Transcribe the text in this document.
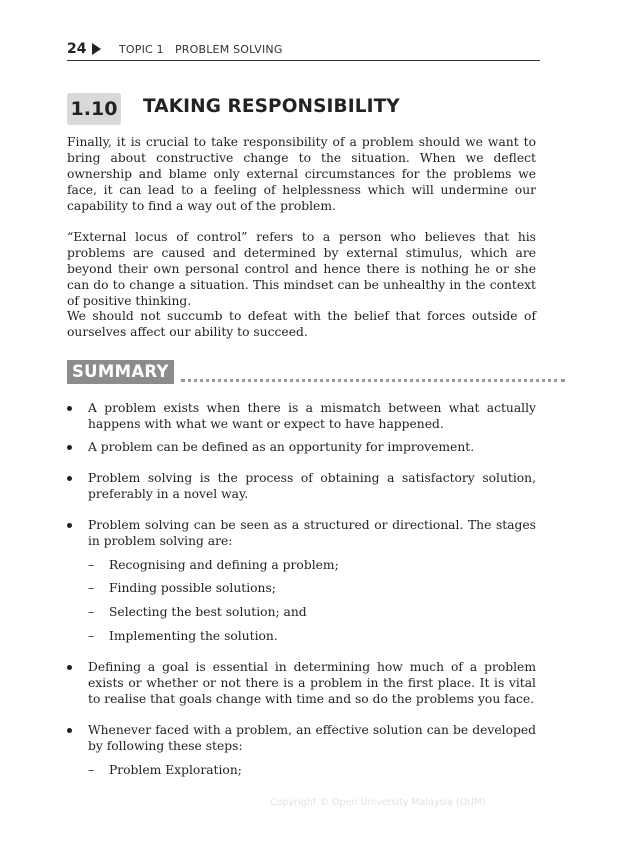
24	TOPIC 1 PROBLEM SOLVING
1.10 TAKING RESPONSIBILITY

Finally, it is crucial to take responsibility of a problem should we want to bring about constructive change to the situation. When we deflect ownership and blame only external circumstances for the problems we face, it can lead to a feeling of helplessness which will undermine our capability to find a way out of the problem.

“External locus of control” refers to a person who believes that his problems are caused and determined by external stimulus, which are beyond their own personal control and hence there is nothing he or she can do to change a situation. This mindset can be unhealthy in the context of positive thinking.

We should not succumb to defeat with the belief that forces outside of ourselves affect our ability to succeed.

SUMMARY

A problem exists when there is a mismatch between what actually happens with what we want or expect to have happened.

A problem can be defined as an opportunity for improvement.

Problem solving is the process of obtaining a satisfactory solution, preferably in a novel way.

Problem solving can be seen as a structured or directional. The stages in problem solving are:

– Recognising and defining a problem;

– Finding possible solutions;

– Selecting the best solution; and

– Implementing the solution.

Defining a goal is essential in determining how much of a problem exists or whether or not there is a problem in the first place. It is vital to realise that goals change with time and so do the problems you face.

Whenever faced with a problem, an effective solution can be developed by following these steps:

– Problem Exploration;

Copyright © Open University Malaysia (OUM)
